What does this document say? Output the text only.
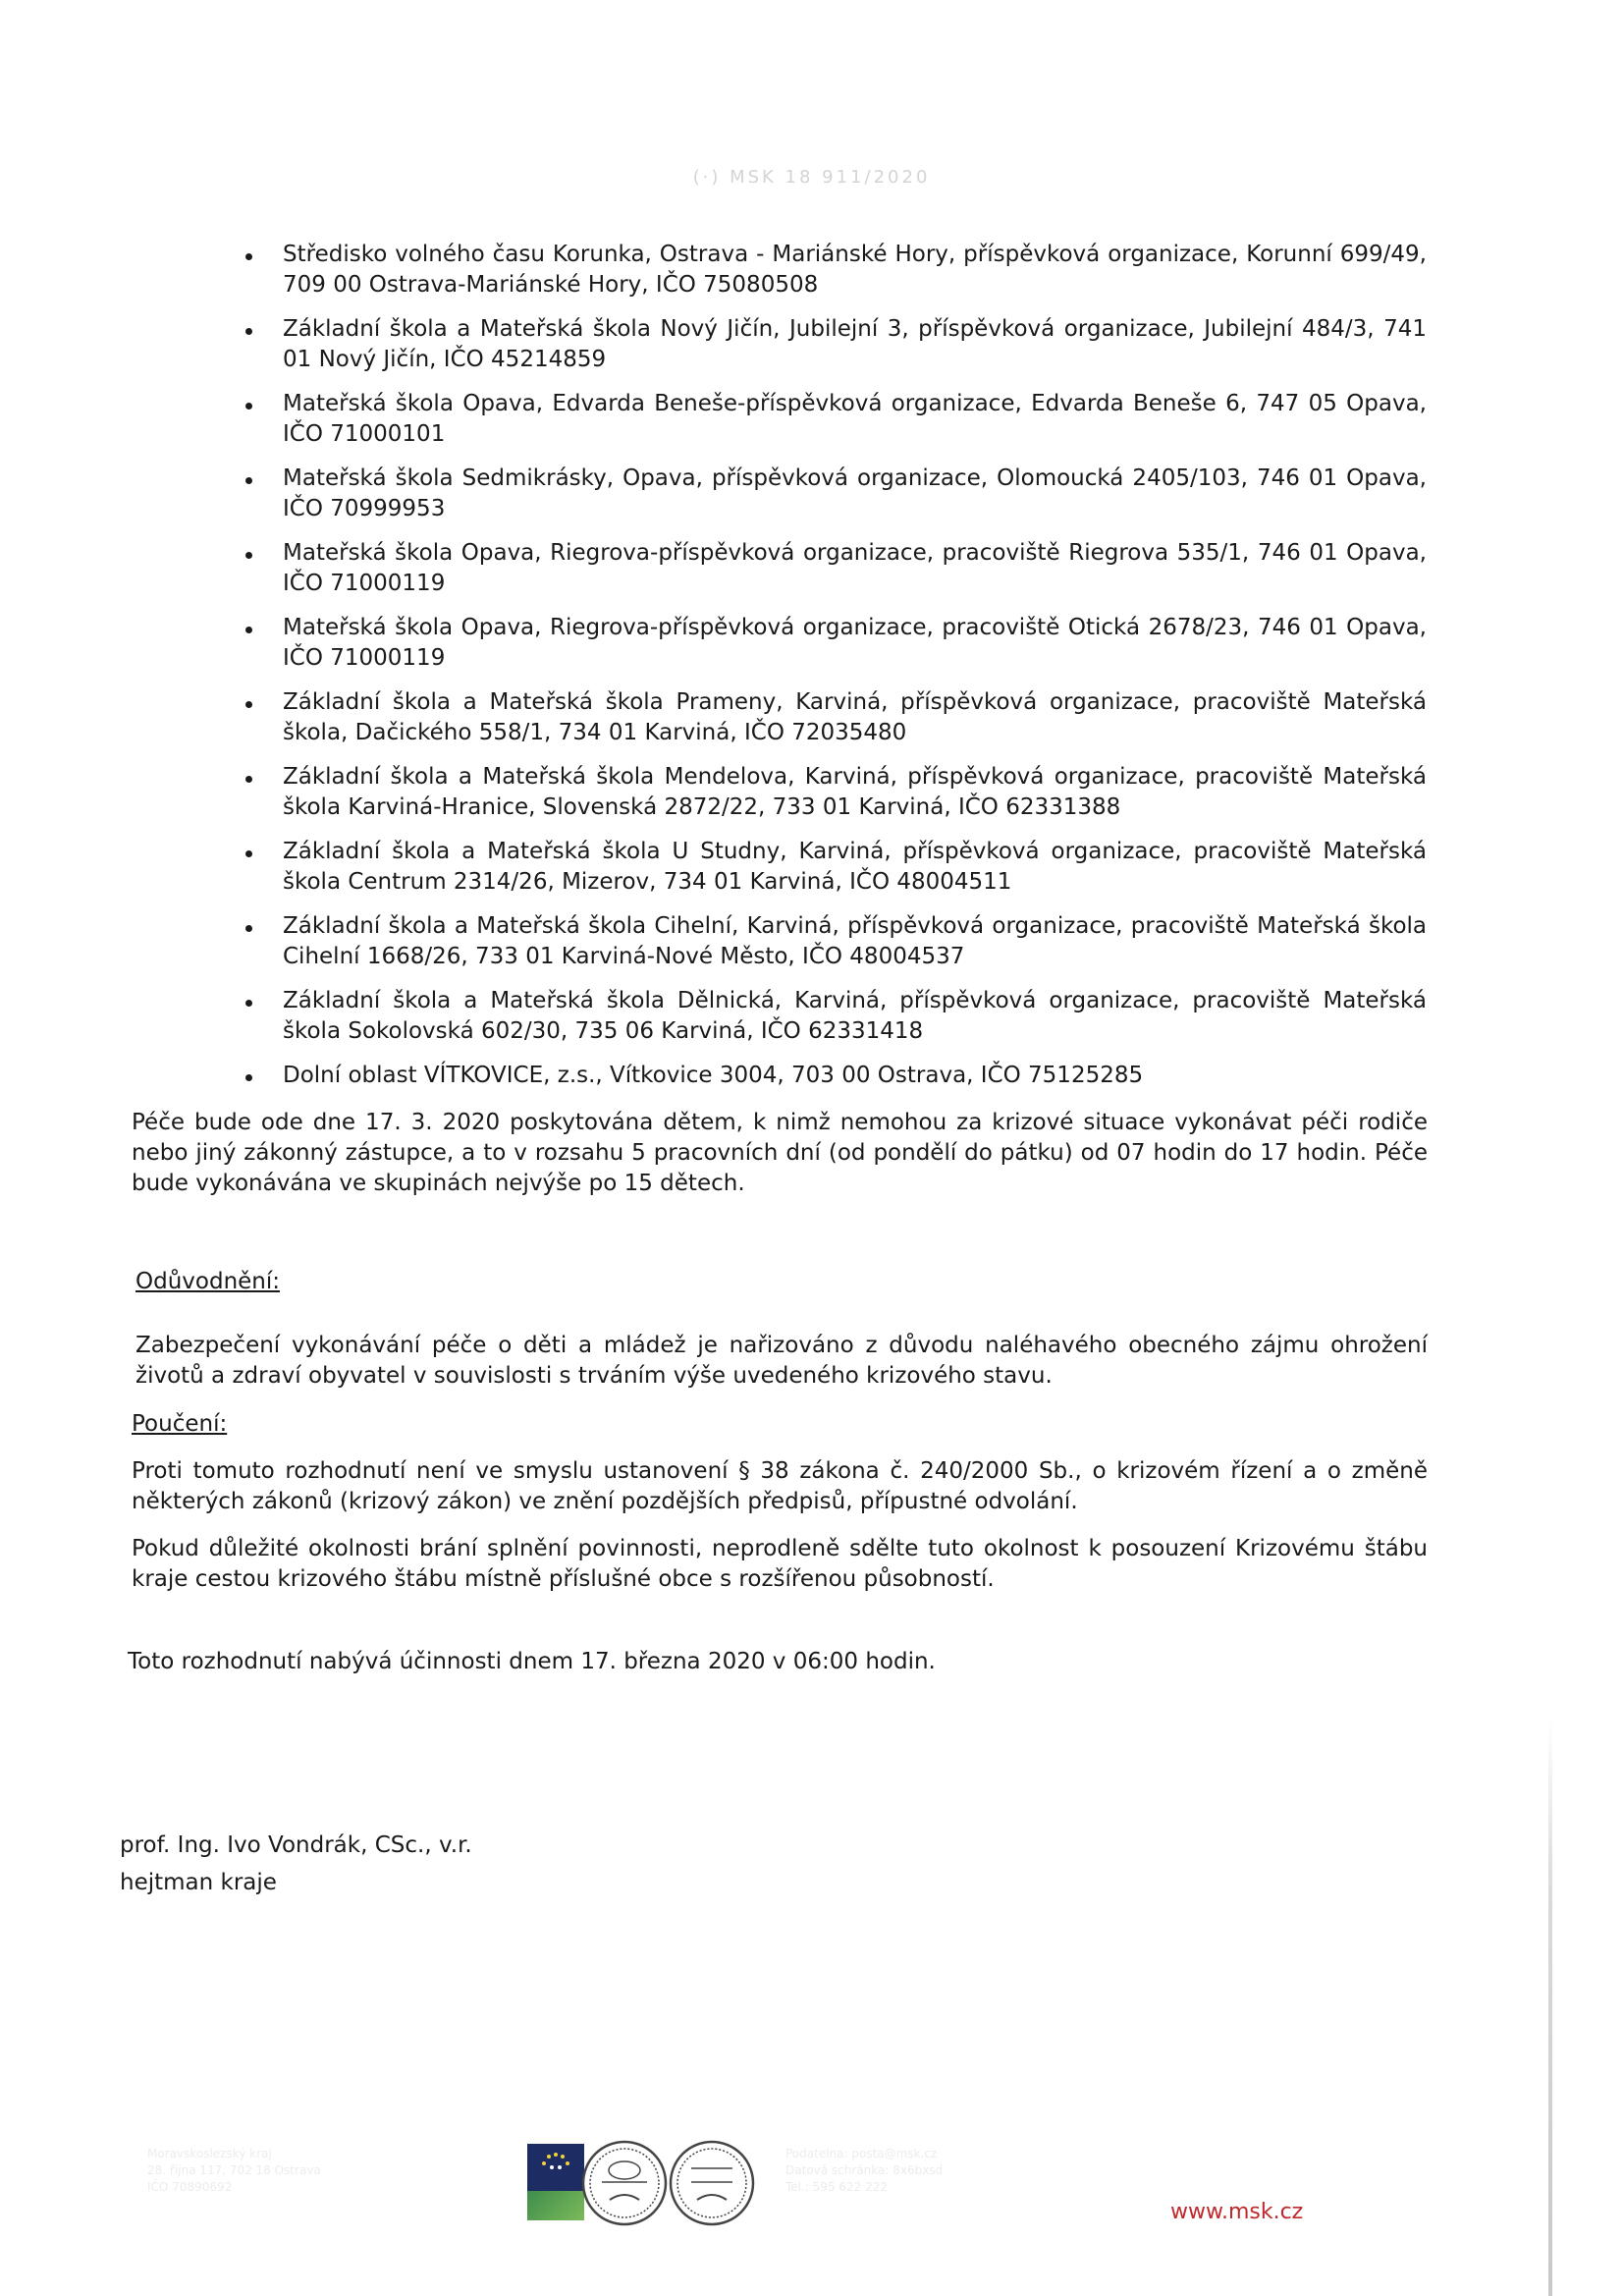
(·) MSK 18 911/2020
Středisko volného času Korunka, Ostrava - Mariánské Hory, příspěvková organizace, Korunní 699/49, 709 00 Ostrava-Mariánské Hory, IČO 75080508
Základní škola a Mateřská škola Nový Jičín, Jubilejní 3, příspěvková organizace, Jubilejní 484/3, 741 01 Nový Jičín, IČO 45214859
Mateřská škola Opava, Edvarda Beneše-příspěvková organizace, Edvarda Beneše 6, 747 05 Opava, IČO 71000101
Mateřská škola Sedmikrásky, Opava, příspěvková organizace, Olomoucká 2405/103, 746 01 Opava, IČO 70999953
Mateřská škola Opava, Riegrova-příspěvková organizace, pracoviště Riegrova 535/1, 746 01 Opava, IČO 71000119
Mateřská škola Opava, Riegrova-příspěvková organizace, pracoviště Otická 2678/23, 746 01 Opava, IČO 71000119
Základní škola a Mateřská škola Prameny, Karviná, příspěvková organizace, pracoviště Mateřská škola, Dačického 558/1, 734 01 Karviná, IČO 72035480
Základní škola a Mateřská škola Mendelova, Karviná, příspěvková organizace, pracoviště Mateřská škola Karviná-Hranice, Slovenská 2872/22, 733 01 Karviná, IČO 62331388
Základní škola a Mateřská škola U Studny, Karviná, příspěvková organizace, pracoviště Mateřská škola Centrum 2314/26, Mizerov, 734 01 Karviná, IČO 48004511
Základní škola a Mateřská škola Cihelní, Karviná, příspěvková organizace, pracoviště Mateřská škola Cihelní 1668/26, 733 01 Karviná-Nové Město, IČO 48004537
Základní škola a Mateřská škola Dělnická, Karviná, příspěvková organizace, pracoviště Mateřská škola Sokolovská 602/30, 735 06 Karviná, IČO 62331418
Dolní oblast VÍTKOVICE, z.s., Vítkovice 3004, 703 00 Ostrava, IČO 75125285

Péče bude ode dne 17. 3. 2020 poskytována dětem, k nimž nemohou za krizové situace vykonávat péči rodiče nebo jiný zákonný zástupce, a to v rozsahu 5 pracovních dní (od pondělí do pátku) od 07 hodin do 17 hodin. Péče bude vykonávána ve skupinách nejvýše po 15 dětech.

Odůvodnění:

Zabezpečení vykonávání péče o děti a mládež je nařizováno z důvodu naléhavého obecného zájmu ohrožení životů a zdraví obyvatel v souvislosti s trváním výše uvedeného krizového stavu.

Poučení:

Proti tomuto rozhodnutí není ve smyslu ustanovení § 38 zákona č. 240/2000 Sb., o krizovém řízení a o změně některých zákonů (krizový zákon) ve znění pozdějších předpisů, přípustné odvolání.

Pokud důležité okolnosti brání splnění povinnosti, neprodleně sdělte tuto okolnost k posouzení Krizovému štábu kraje cestou krizového štábu místně příslušné obce s rozšířenou působností.

Toto rozhodnutí nabývá účinnosti dnem 17. března 2020 v 06:00 hodin.

prof. Ing. Ivo Vondrák, CSc., v.r.
hejtman kraje
Moravskoslezský kraj
28. října 117, 702 18 Ostrava
IČO 70890692
Podatelna: posta@msk.cz
Datová schránka: 8x6bxsd
Tel.: 595 622 222
www.msk.cz
